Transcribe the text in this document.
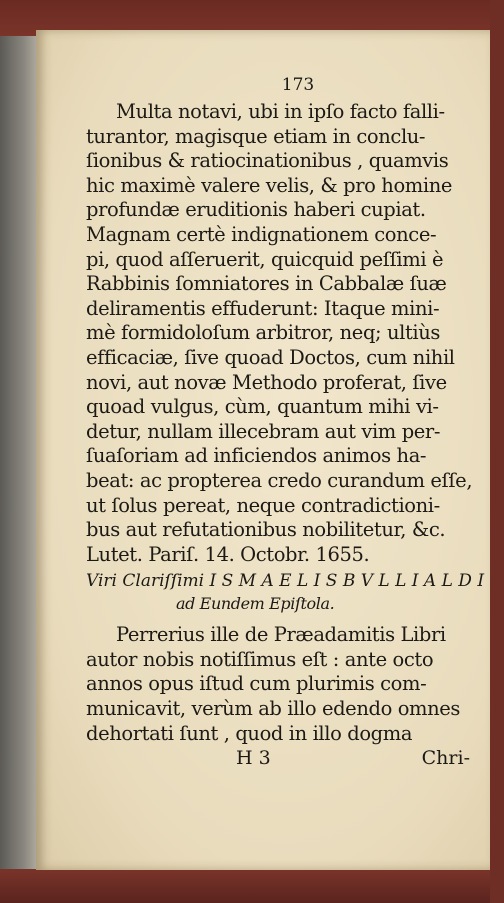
173
Multa notavi, ubi in ipſo facto falli-
turantor, magisque etiam in conclu-
ſionibus & ratiocinationibus , quamvis
hic maximè valere velis, & pro homine
profundæ eruditionis haberi cupiat.
Magnam certè indignationem conce-
pi, quod aſſeruerit, quicquid peſſimi è
Rabbinis ſomniatores in Cabbalæ ſuæ
deliramentis effuderunt: Itaque mini-
mè formidoloſum arbitror, neq; ultiùs
efficaciæ, ſive quoad Doctos, cum nihil
novi, aut novæ Methodo proferat, ſive
quoad vulgus, cùm, quantum mihi vi-
detur, nullam illecebram aut vim per-
ſuaſoriam ad inficiendos animos ha-
beat: ac propterea credo curandum eſſe,
ut ſolus pereat, neque contradictioni-
bus aut refutationibus nobilitetur, &c.
Lutet. Pariſ. 14. Octobr. 1655.
Viri Clariſſimi I S M A E L I S B V L L I A L D I
ad Eundem Epiſtola.
Perrerius ille de Præadamitis Libri
autor nobis notiſſimus eſt : ante octo
annos opus iſtud cum plurimis com-
municavit, verùm ab illo edendo omnes
dehortati ſunt , quod in illo dogma
H 3	Chri-
